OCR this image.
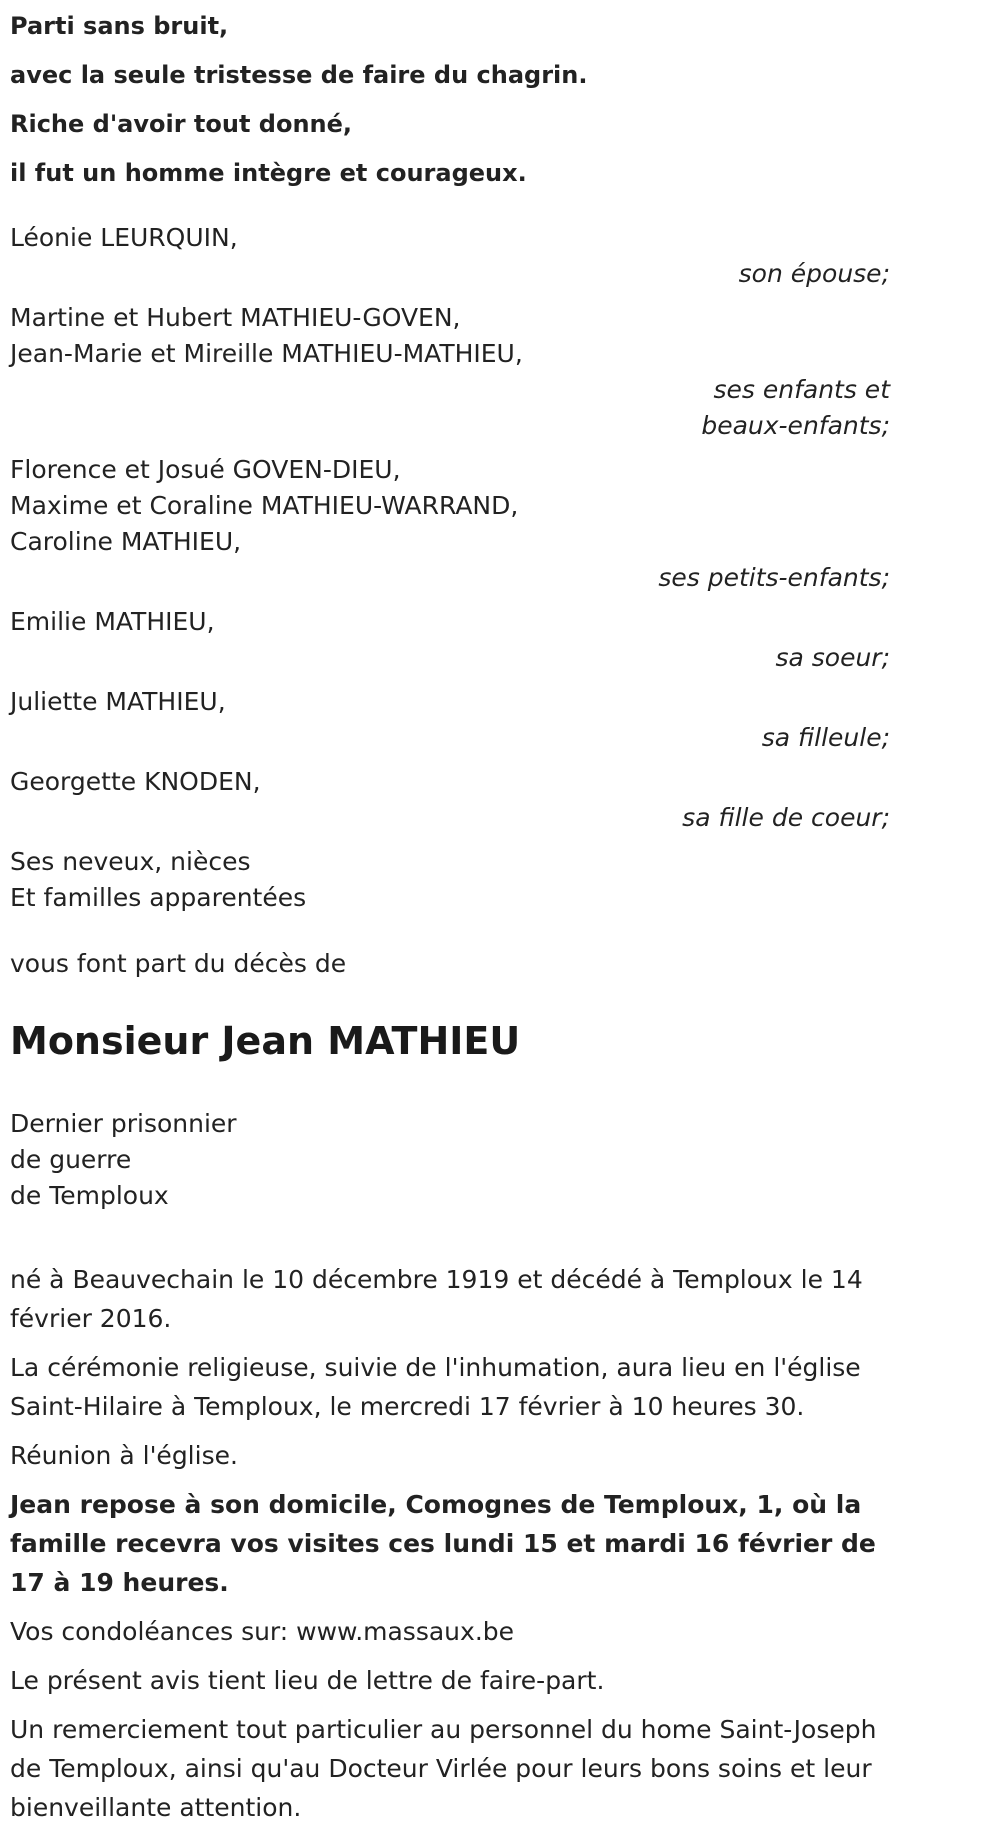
Parti sans bruit,
avec la seule tristesse de faire du chagrin.
Riche d'avoir tout donné,
il fut un homme intègre et courageux.
Léonie LEURQUIN,
son épouse;
Martine et Hubert MATHIEU-GOVEN,
Jean-Marie et Mireille MATHIEU-MATHIEU,
ses enfants et
beaux-enfants;
Florence et Josué GOVEN-DIEU,
Maxime et Coraline MATHIEU-WARRAND,
Caroline MATHIEU,
ses petits-enfants;
Emilie MATHIEU,
sa soeur;
Juliette MATHIEU,
sa filleule;
Georgette KNODEN,
sa fille de coeur;
Ses neveux, nièces
Et familles apparentées
vous font part du décès de
Monsieur Jean MATHIEU
Dernier prisonnier
de guerre
de Temploux
né à Beauvechain le 10 décembre 1919 et décédé à Temploux le 14 février 2016.
La cérémonie religieuse, suivie de l'inhumation, aura lieu en l'église Saint-Hilaire à Temploux, le mercredi 17 février à 10 heures 30.
Réunion à l'église.
Jean repose à son domicile, Comognes de Temploux, 1, où la famille recevra vos visites ces lundi 15 et mardi 16 février de 17 à 19 heures.
Vos condoléances sur: www.massaux.be
Le présent avis tient lieu de lettre de faire-part.
Un remerciement tout particulier au personnel du home Saint-Joseph de Temploux, ainsi qu'au Docteur Virlée pour leurs bons soins et leur bienveillante attention.
